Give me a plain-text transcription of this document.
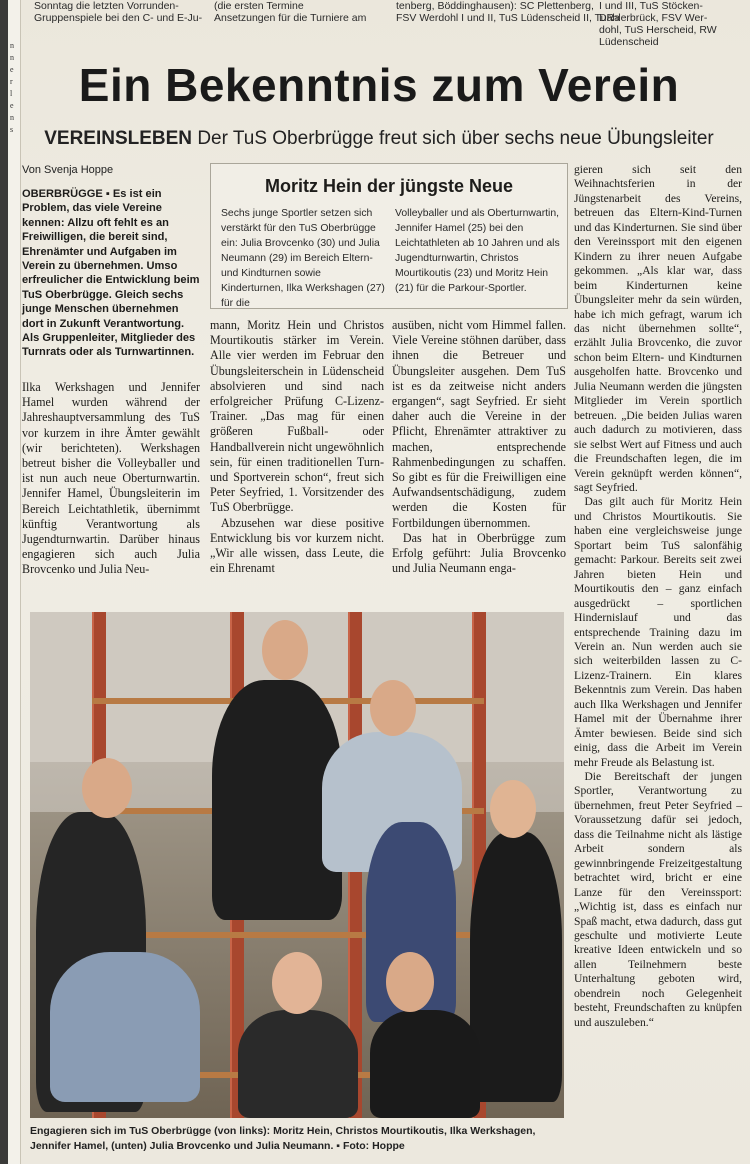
n
n
e
r
l
e
n
s
Sonntag die letzten Vorrunden-
Gruppenspiele bei den C- und E-Ju-
(die ersten Termine
Ansetzungen für die Turniere am
tenberg, Böddinghausen): SC Plettenberg,
FSV Werdohl I und II, TuS Lüdenscheid II, TuRa
I und III, TuS Stöcken-Dahlerbrück, FSV Wer-
dohl, TuS Herscheid, RW Lüdenscheid
Ein Bekenntnis zum Verein
VEREINSLEBEN Der TuS Oberbrügge freut sich über sechs neue Übungsleiter
Von Svenja Hoppe
OBERBRÜGGE ▪ Es ist ein Problem, das viele Vereine kennen: Allzu oft fehlt es an Freiwilligen, die bereit sind, Ehrenämter und Aufgaben im Verein zu übernehmen. Umso erfreulicher die Entwicklung beim TuS Oberbrügge. Gleich sechs junge Menschen übernehmen dort in Zukunft Verantwortung. Als Gruppenleiter, Mitglieder des Turnrats oder als Turnwartinnen.

Ilka Werkshagen und Jennifer Hamel wurden während der Jahreshauptversammlung des TuS vor kurzem in ihre Ämter gewählt (wir berichteten). Werkshagen betreut bisher die Volleyballer und ist nun auch neue Oberturnwartin. Jennifer Hamel, Übungsleiterin im Bereich Leichtathletik, übernimmt künftig Verantwortung als Jugendturnwartin. Darüber hinaus engagieren sich auch Julia Brovcenko und Julia Neu-

Moritz Hein der jüngste Neue
Sechs junge Sportler setzen sich verstärkt für den TuS Oberbrügge ein: Julia Brovcenko (30) und Julia Neumann (29) im Bereich Eltern- und Kindturnen sowie Kinderturnen, Ilka Werkshagen (27) für die
Volleyballer und als Oberturnwartin, Jennifer Hamel (25) bei den Leichtathleten ab 10 Jahren und als Jugendturnwartin, Christos Mourtikoutis (23) und Moritz Hein (21) für die Parkour-Sportler.

mann, Moritz Hein und Christos Mourtikoutis stärker im Verein. Alle vier werden im Februar den Übungsleiterschein in Lüdenscheid absolvieren und sind nach erfolgreicher Prüfung C-Lizenz-Trainer. „Das mag für einen größeren Fußball- oder Handballverein nicht ungewöhnlich sein, für einen traditionellen Turn- und Sportverein schon“, freut sich Peter Seyfried, 1. Vorsitzender des TuS Oberbrügge.

Abzusehen war diese positive Entwicklung bis vor kurzem nicht. „Wir alle wissen, dass Leute, die ein Ehrenamt

ausüben, nicht vom Himmel fallen. Viele Vereine stöhnen darüber, dass ihnen die Betreuer und Übungsleiter ausgehen. Dem TuS ist es da zeitweise nicht anders ergangen“, sagt Seyfried. Er sieht daher auch die Vereine in der Pflicht, Ehrenämter attraktiver zu machen, entsprechende Rahmenbedingungen zu schaffen. So gibt es für die Freiwilligen eine Aufwandsentschädigung, zudem werden die Kosten für Fortbildungen übernommen.

Das hat in Oberbrügge zum Erfolg geführt: Julia Brovcenko und Julia Neumann enga-

gieren sich seit den Weihnachtsferien in der Jüngstenarbeit des Vereins, betreuen das Eltern-Kind-Turnen und das Kinderturnen. Sie sind über den Vereinssport mit den eigenen Kindern zu ihrer neuen Aufgabe gekommen. „Als klar war, dass beim Kinderturnen keine Übungsleiter mehr da sein würden, habe ich mich gefragt, warum ich das nicht übernehmen sollte“, erzählt Julia Brovcenko, die zuvor schon beim Eltern- und Kindturnen ausgeholfen hatte. Brovcenko und Julia Neumann werden die jüngsten Mitglieder im Verein sportlich betreuen. „Die beiden Julias waren auch dadurch zu motivieren, dass sie selbst Wert auf Fitness und auch die Freundschaften legen, die im Verein geknüpft werden können“, sagt Seyfried.

Das gilt auch für Moritz Hein und Christos Mourtikoutis. Sie haben eine vergleichsweise junge Sportart beim TuS salonfähig gemacht: Parkour. Bereits seit zwei Jahren bieten Hein und Mourtikoutis den – ganz einfach ausgedrückt – sportlichen Hindernislauf und das entsprechende Training dazu im Verein an. Nun werden auch sie sich weiterbilden lassen zu C-Lizenz-Trainern. Ein klares Bekenntnis zum Verein. Das haben auch Ilka Werkshagen und Jennifer Hamel mit der Übernahme ihrer Ämter bewiesen. Beide sind sich einig, dass die Arbeit im Verein mehr Freude als Belastung ist.

Die Bereitschaft der jungen Sportler, Verantwortung zu übernehmen, freut Peter Seyfried – Voraussetzung dafür sei jedoch, dass die Teilnahme nicht als lästige Arbeit sondern als gewinnbringende Freizeitgestaltung betrachtet wird, bricht er eine Lanze für den Vereinssport: „Wichtig ist, dass es einfach nur Spaß macht, etwa dadurch, dass gut geschulte und motivierte Leute kreative Ideen entwickeln und so allen Teilnehmern beste Unterhaltung geboten wird, obendrein noch Gelegenheit besteht, Freundschaften zu knüpfen und auszuleben.“

Engagieren sich im TuS Oberbrügge (von links): Moritz Hein, Christos Mourtikoutis, Ilka Werkshagen, Jennifer Hamel, (unten) Julia Brovcenko und Julia Neumann. ▪ Foto: Hoppe
